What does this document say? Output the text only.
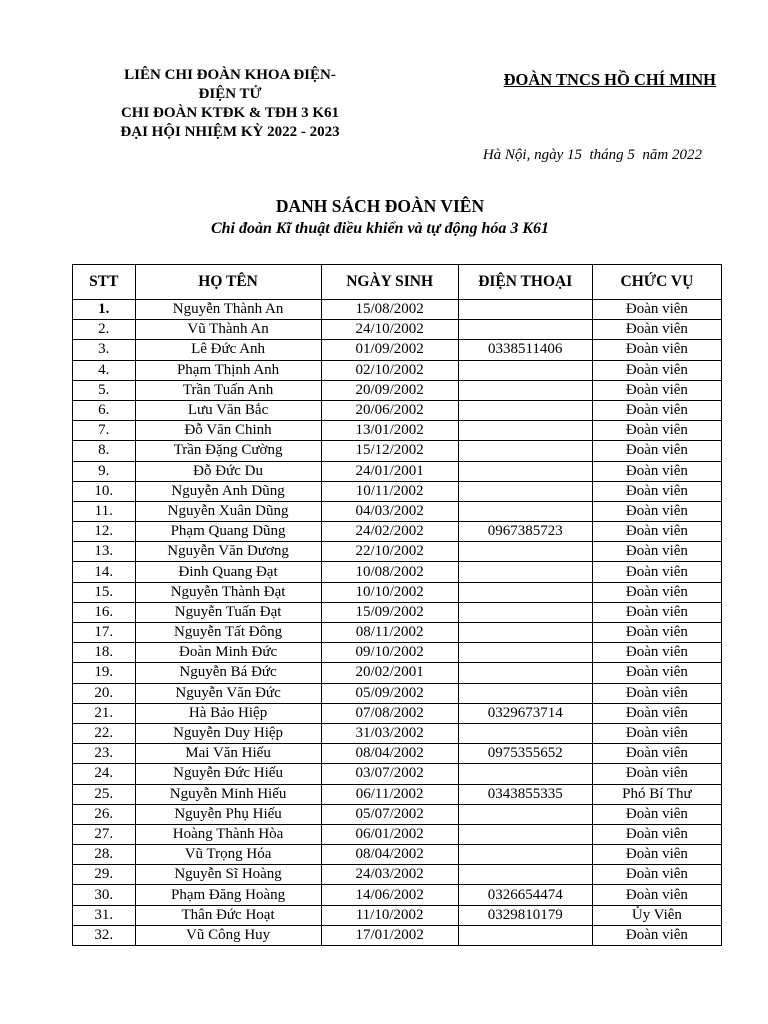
LIÊN CHI ĐOÀN KHOA ĐIỆN-
ĐIỆN TỬ
CHI ĐOÀN KTĐK & TĐH 3 K61
ĐẠI HỘI NHIỆM KỲ 2022 - 2023
ĐOÀN TNCS HỒ CHÍ MINH
Hà Nội, ngày 15  tháng 5  năm 2022
DANH SÁCH ĐOÀN VIÊN
Chi đoàn Kĩ thuật điều khiển và tự động hóa 3 K61
STT	HỌ TÊN	NGÀY SINH	ĐIỆN THOẠI	CHỨC VỤ
1.	Nguyễn Thành An	15/08/2002		Đoàn viên
2.	Vũ Thành An	24/10/2002		Đoàn viên
3.	Lê Đức Anh	01/09/2002	0338511406	Đoàn viên
4.	Phạm Thịnh Anh	02/10/2002		Đoàn viên
5.	Trần Tuấn Anh	20/09/2002		Đoàn viên
6.	Lưu Văn Bắc	20/06/2002		Đoàn viên
7.	Đỗ Văn Chinh	13/01/2002		Đoàn viên
8.	Trần Đặng Cường	15/12/2002		Đoàn viên
9.	Đỗ Đức Du	24/01/2001		Đoàn viên
10.	Nguyễn Anh Dũng	10/11/2002		Đoàn viên
11.	Nguyễn Xuân Dũng	04/03/2002		Đoàn viên
12.	Phạm Quang Dũng	24/02/2002	0967385723	Đoàn viên
13.	Nguyễn Văn Dương	22/10/2002		Đoàn viên
14.	Đinh Quang Đạt	10/08/2002		Đoàn viên
15.	Nguyễn Thành Đạt	10/10/2002		Đoàn viên
16.	Nguyễn Tuấn Đạt	15/09/2002		Đoàn viên
17.	Nguyễn Tất Đông	08/11/2002		Đoàn viên
18.	Đoàn Minh Đức	09/10/2002		Đoàn viên
19.	Nguyễn Bá Đức	20/02/2001		Đoàn viên
20.	Nguyễn Văn Đức	05/09/2002		Đoàn viên
21.	Hà Bảo Hiệp	07/08/2002	0329673714	Đoàn viên
22.	Nguyễn Duy Hiệp	31/03/2002		Đoàn viên
23.	Mai Văn Hiếu	08/04/2002	0975355652	Đoàn viên
24.	Nguyễn Đức Hiếu	03/07/2002		Đoàn viên
25.	Nguyễn Minh Hiếu	06/11/2002	0343855335	Phó Bí Thư
26.	Nguyễn Phụ Hiếu	05/07/2002		Đoàn viên
27.	Hoàng Thành Hòa	06/01/2002		Đoàn viên
28.	Vũ Trọng Hóa	08/04/2002		Đoàn viên
29.	Nguyễn Sĩ Hoàng	24/03/2002		Đoàn viên
30.	Phạm Đăng Hoàng	14/06/2002	0326654474	Đoàn viên
31.	Thân Đức Hoạt	11/10/2002	0329810179	Ủy Viên
32.	Vũ Công Huy	17/01/2002		Đoàn viên
